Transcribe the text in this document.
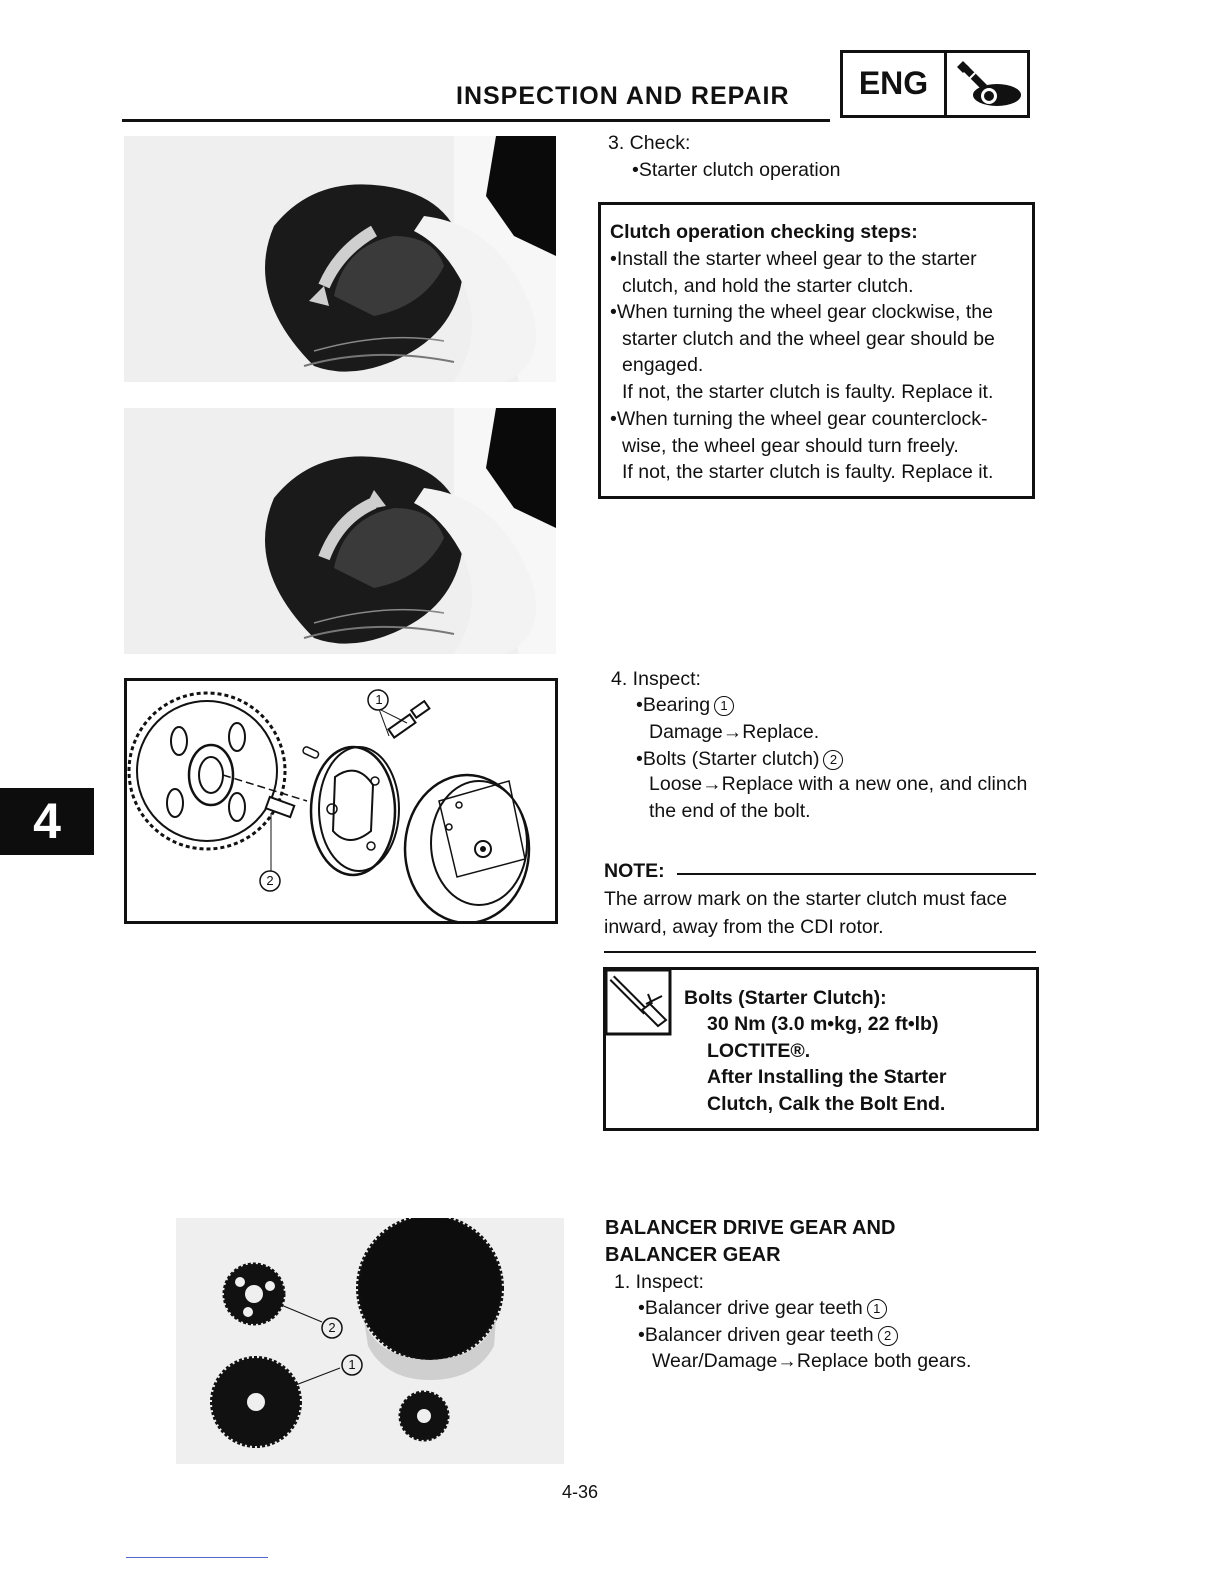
INSPECTION AND REPAIR	ENG
3. Check:
•Starter clutch operation
Clutch operation checking steps:
•Install the starter wheel gear to the starter
clutch, and hold the starter clutch.
•When turning the wheel gear clockwise, the
starter clutch and the wheel gear should be
engaged.
If not, the starter clutch is faulty. Replace it.
•When turning the wheel gear counterclock-
wise, the wheel gear should turn freely.
If not, the starter clutch is faulty. Replace it.
1
2
4. Inspect:
•Bearing 1
Damage→Replace.
•Bolts (Starter clutch) 2
Loose→Replace with a new one, and clinch
the end of the bolt.
NOTE:
The arrow mark on the starter clutch must face
inward, away from the CDI rotor.
Bolts (Starter Clutch):
30 Nm (3.0 m•kg, 22 ft•lb)
LOCTITE®.
After Installing the Starter
Clutch, Calk the Bolt End.
2
1
BALANCER DRIVE GEAR AND
BALANCER GEAR
1. Inspect:
•Balancer drive gear teeth 1
•Balancer driven gear teeth 2
Wear/Damage→Replace both gears.
4
4-36
